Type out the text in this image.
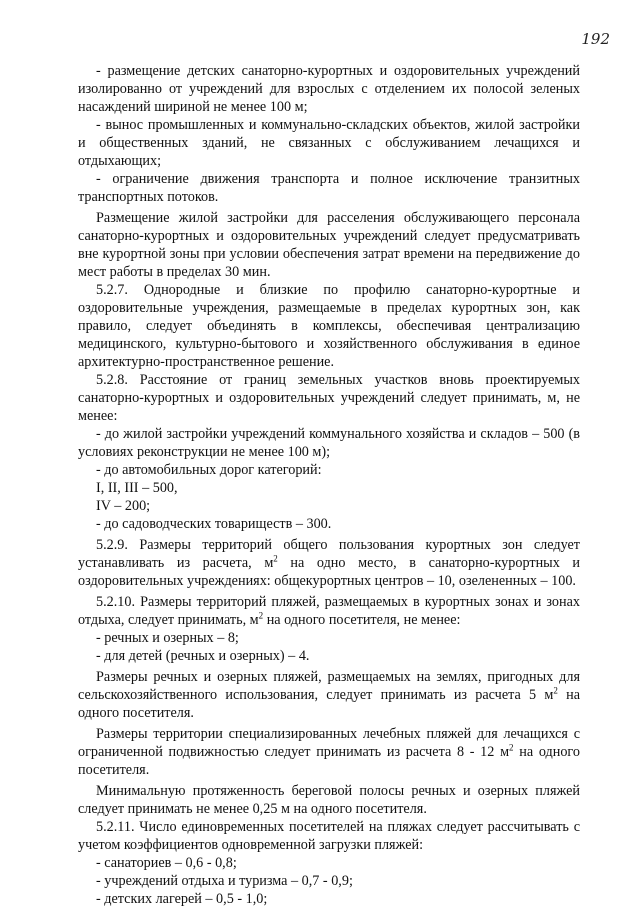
192

- размещение детских санаторно-курортных и оздоровительных учреждений изолированно от учреждений для взрослых с отделением их полосой зеленых насаждений шириной не менее 100 м;

- вынос промышленных и коммунально-складских объектов, жилой застройки и общественных зданий, не связанных с обслуживанием лечащихся и отдыхающих;

- ограничение движения транспорта и полное исключение транзитных транспортных потоков.

Размещение жилой застройки для расселения обслуживающего персонала санаторно-курортных и оздоровительных учреждений следует предусматривать вне курортной зоны при условии обеспечения затрат времени на передвижение до мест работы в пределах 30 мин.

5.2.7. Однородные и близкие по профилю санаторно-курортные и оздоровительные учреждения, размещаемые в пределах курортных зон, как правило, следует объединять в комплексы, обеспечивая централизацию медицинского, культурно-бытового и хозяйственного обслуживания в единое архитектурно-пространственное решение.

5.2.8. Расстояние от границ земельных участков вновь проектируемых санаторно-курортных и оздоровительных учреждений следует принимать, м, не менее:

- до жилой застройки учреждений коммунального хозяйства и складов – 500 (в условиях реконструкции не менее 100 м);

- до автомобильных дорог категорий:

I, II, III – 500,

IV – 200;

- до садоводческих товариществ – 300.

5.2.9. Размеры территорий общего пользования курортных зон следует устанавливать из расчета, $м^2$ на одно место, в санаторно-курортных и оздоровительных учреждениях: общекурортных центров – 10, озелененных – 100.

5.2.10. Размеры территорий пляжей, размещаемых в курортных зонах и зонах отдыха, следует принимать, $м^2$ на одного посетителя, не менее:

- речных и озерных – 8;

- для детей (речных и озерных) – 4.

Размеры речных и озерных пляжей, размещаемых на землях, пригодных для сельскохозяйственного использования, следует принимать из расчета 5 $м^2$ на одного посетителя.

Размеры территории специализированных лечебных пляжей для лечащихся с ограниченной подвижностью следует принимать из расчета 8 - 12 $м^2$ на одного посетителя.

Минимальную протяженность береговой полосы речных и озерных пляжей следует принимать не менее 0,25 м на одного посетителя.

5.2.11. Число единовременных посетителей на пляжах следует рассчитывать с учетом коэффициентов одновременной загрузки пляжей:

- санаториев – 0,6 - 0,8;

- учреждений отдыха и туризма – 0,7 - 0,9;

- детских лагерей – 0,5 - 1,0;
